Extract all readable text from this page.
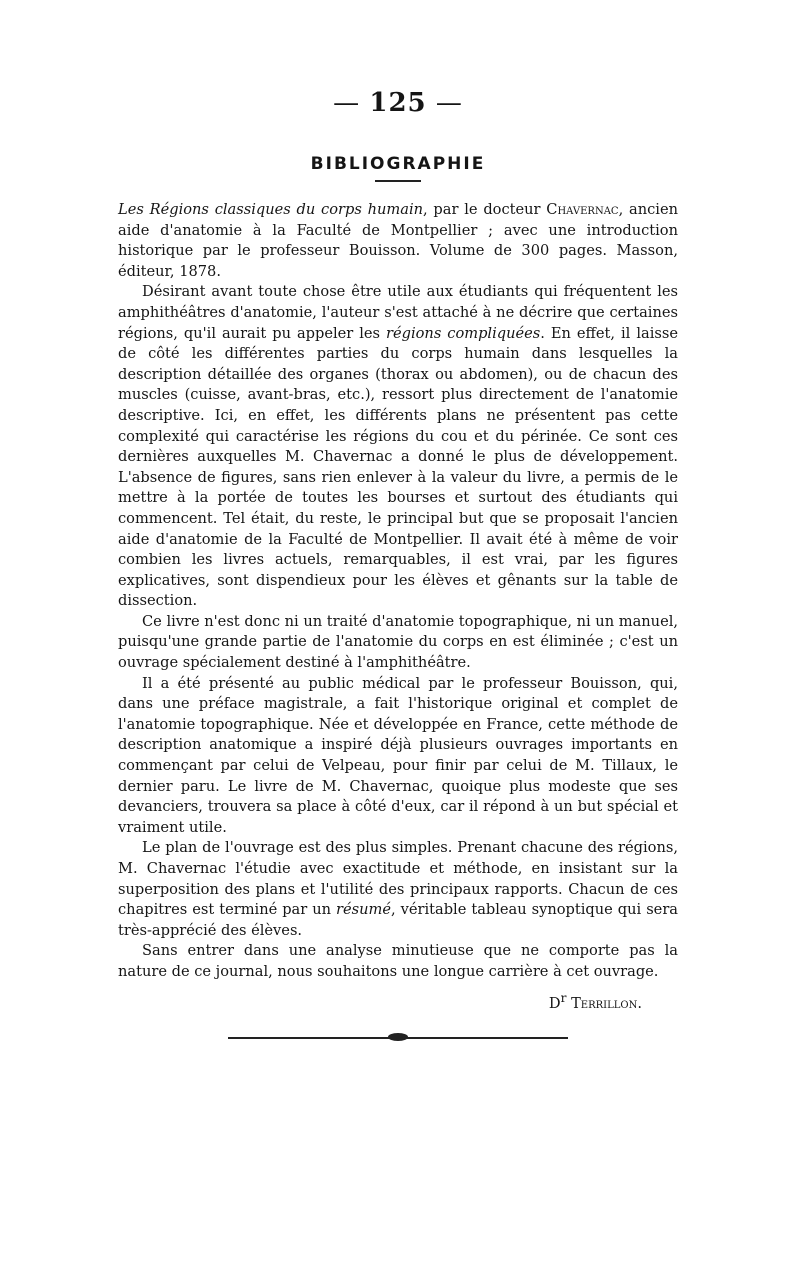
— 125 —
BIBLIOGRAPHIE

Les Régions classiques du corps humain, par le docteur Chavernac, ancien aide d'anatomie à la Faculté de Montpellier ; avec une introduction historique par le professeur Bouisson. Volume de 300 pages. Masson, éditeur, 1878.

Désirant avant toute chose être utile aux étudiants qui fréquentent les amphithéâtres d'anatomie, l'auteur s'est attaché à ne décrire que certaines régions, qu'il aurait pu appeler les régions compliquées. En effet, il laisse de côté les différentes parties du corps humain dans lesquelles la description détaillée des organes (thorax ou abdomen), ou de chacun des muscles (cuisse, avant-bras, etc.), ressort plus directement de l'anatomie descriptive. Ici, en effet, les différents plans ne présentent pas cette complexité qui caractérise les régions du cou et du périnée. Ce sont ces dernières auxquelles M. Chavernac a donné le plus de développement. L'absence de figures, sans rien enlever à la valeur du livre, a permis de le mettre à la portée de toutes les bourses et surtout des étudiants qui commencent. Tel était, du reste, le principal but que se proposait l'ancien aide d'anatomie de la Faculté de Montpellier. Il avait été à même de voir combien les livres actuels, remarquables, il est vrai, par les figures explicatives, sont dispendieux pour les élèves et gênants sur la table de dissection.

Ce livre n'est donc ni un traité d'anatomie topographique, ni un manuel, puisqu'une grande partie de l'anatomie du corps en est éliminée ; c'est un ouvrage spécialement destiné à l'amphithéâtre.

Il a été présenté au public médical par le professeur Bouisson, qui, dans une préface magistrale, a fait l'historique original et complet de l'anatomie topographique. Née et développée en France, cette méthode de description anatomique a inspiré déjà plusieurs ouvrages importants en commençant par celui de Velpeau, pour finir par celui de M. Tillaux, le dernier paru. Le livre de M. Chavernac, quoique plus modeste que ses devanciers, trouvera sa place à côté d'eux, car il répond à un but spécial et vraiment utile.

Le plan de l'ouvrage est des plus simples. Prenant chacune des régions, M. Chavernac l'étudie avec exactitude et méthode, en insistant sur la superposition des plans et l'utilité des principaux rapports. Chacun de ces chapitres est terminé par un résumé, véritable tableau synoptique qui sera très-apprécié des élèves.

Sans entrer dans une analyse minutieuse que ne comporte pas la nature de ce journal, nous souhaitons une longue carrière à cet ouvrage.

$D^r$ Terrillon.
